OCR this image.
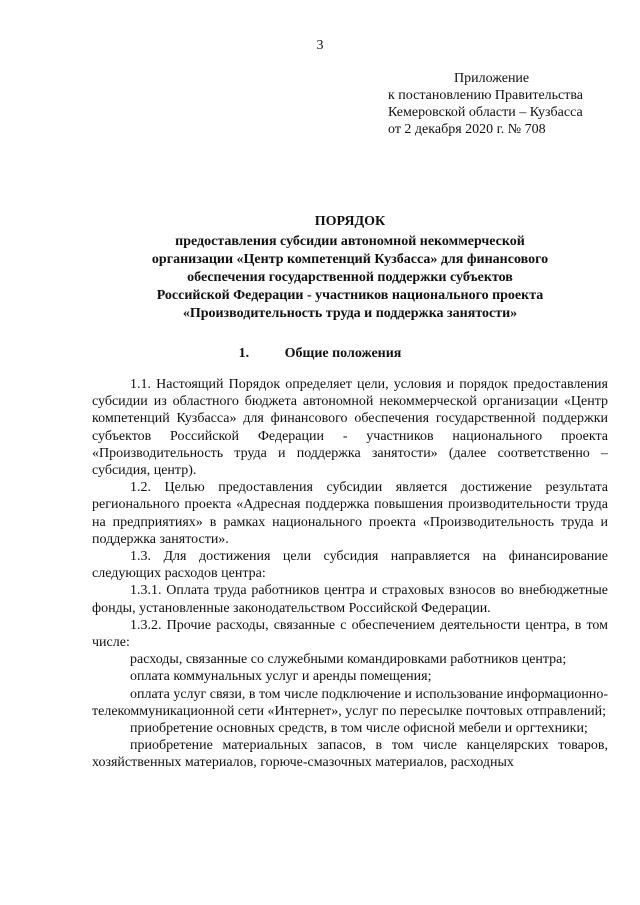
3
Приложение
к постановлению Правительства
Кемеровской области – Кузбасса
от 2 декабря 2020 г. № 708
ПОРЯДОК
предоставления субсидии автономной некоммерческой
организации «Центр компетенций Кузбасса» для финансового
обеспечения государственной поддержки субъектов
Российской Федерации - участников национального проекта
«Производительность труда и поддержка занятости»
1.	Общие положения

1.1. Настоящий Порядок определяет цели, условия и порядок предоставления субсидии из областного бюджета автономной некоммерческой организации «Центр компетенций Кузбасса» для финансового обеспечения государственной поддержки субъектов Российской Федерации - участников национального проекта «Производительность труда и поддержка занятости» (далее соответственно – субсидия, центр).

1.2. Целью предоставления субсидии является достижение результата регионального проекта «Адресная поддержка повышения производительности труда на предприятиях» в рамках национального проекта «Производительность труда и поддержка занятости».

1.3. Для достижения цели субсидия направляется на финансирование следующих расходов центра:

1.3.1. Оплата труда работников центра и страховых взносов во внебюджетные фонды, установленные законодательством Российской Федерации.

1.3.2. Прочие расходы, связанные с обеспечением деятельности центра, в том числе:

расходы, связанные со служебными командировками работников центра;

оплата коммунальных услуг и аренды помещения;

оплата услуг связи, в том числе подключение и использование информационно-телекоммуникационной сети «Интернет», услуг по пересылке почтовых отправлений;

приобретение основных средств, в том числе офисной мебели и оргтехники;

приобретение материальных запасов, в том числе канцелярских товаров, хозяйственных материалов, горюче-смазочных материалов, расходных
